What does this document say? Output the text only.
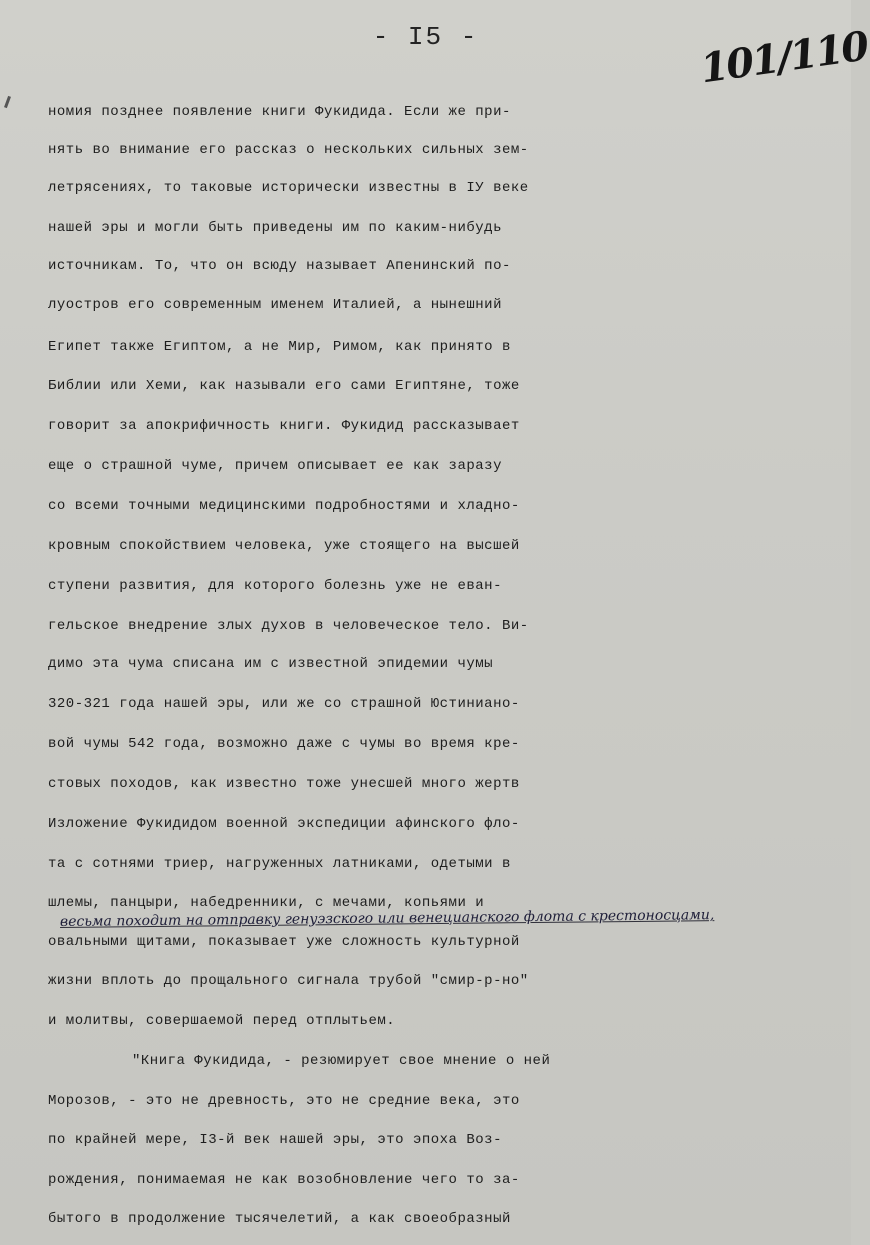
- I5 -	101/110
номия позднее появление книги Фукидида. Если же при-
нять во внимание его рассказ о нескольких сильных зем-
летрясениях, то таковые исторически известны в IУ веке
нашей эры и могли быть приведены им по каким-нибудь
источникам. То, что он всюду называет Апенинский по-
луостров его современным именем Италией, а нынешний
Египет также Египтом, а не Мир, Римом, как принято в
Библии или Хеми, как называли его сами Египтяне, тоже
говорит за апокрифичность книги. Фукидид рассказывает
еще о страшной чуме, причем описывает ее как заразу
со всеми точными медицинскими подробностями и хладно-
кровным спокойствием человека, уже стоящего на высшей
ступени развития, для которого болезнь уже не еван-
гельское внедрение злых духов в человеческое тело. Ви-
димо эта чума списана им с известной эпидемии чумы
320-321 года нашей эры, или же со страшной Юстиниано-
вой чумы 542 года, возможно даже с чумы во время кре-
стовых походов, как известно тоже унесшей много жертв
Изложение Фукидидом военной экспедиции афинского фло-
та с сотнями триер, нагруженных латниками, одетыми в
шлемы, панцыри, набедренники, с мечами, копьями и
овальными щитами, показывает уже сложность культурной
жизни вплоть до прощального сигнала трубой "смир-р-но"
и молитвы, совершаемой перед отплытьем.
"Книга Фукидида, - резюмирует свое мнение о ней
Морозов, - это не древность, это не средние века, это
по крайней мере, I3-й век нашей эры, это эпоха Воз-
рождения, понимаемая не как возобновление чего то за-
бытого в продолжение тысячелетий, а как своеобразный
весьма походит на отправку генуэзского или венецианского флота с крестоносцами,
